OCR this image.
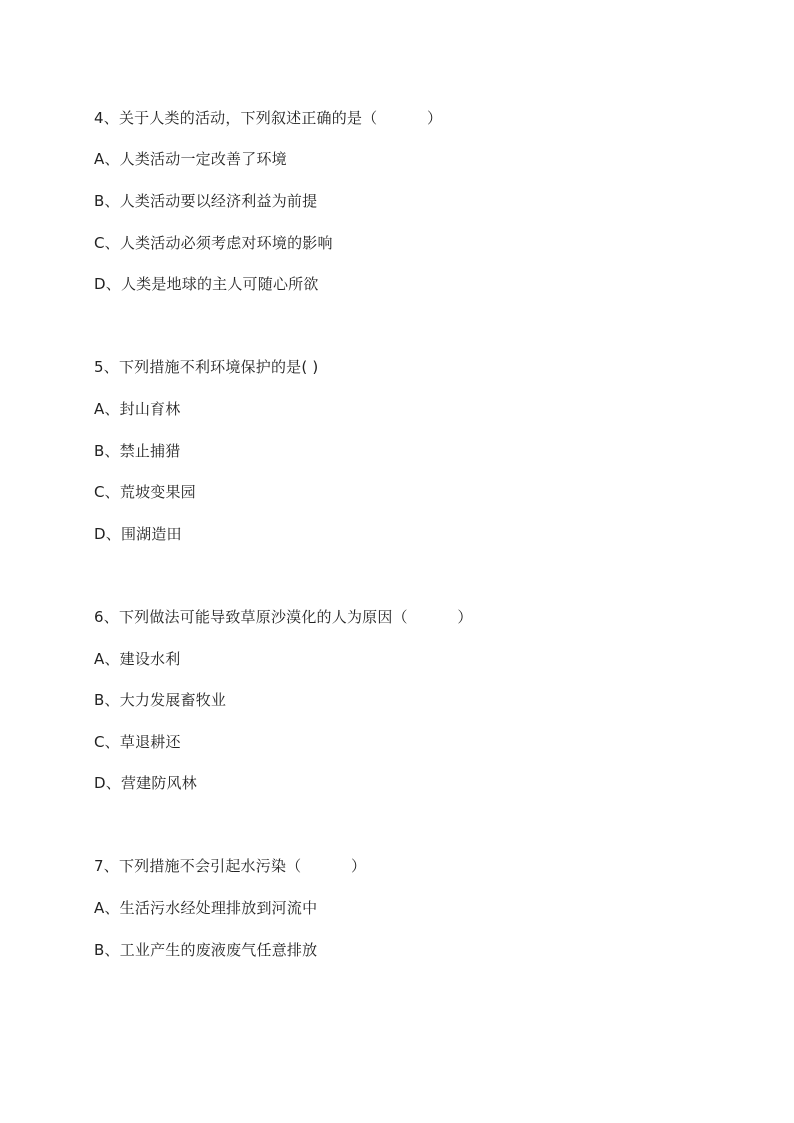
4、关于人类的活动，下列叙述正确的是（          ）
A、人类活动一定改善了环境
B、人类活动要以经济利益为前提
C、人类活动必须考虑对环境的影响
D、人类是地球的主人可随心所欲
5、下列措施不利环境保护的是( )
A、封山育林
B、禁止捕猎
C、荒坡变果园
D、围湖造田
6、下列做法可能导致草原沙漠化的人为原因（          ）
A、建设水利
B、大力发展畜牧业
C、草退耕还
D、营建防风林
7、下列措施不会引起水污染（          ）
A、生活污水经处理排放到河流中
B、工业产生的废液废气任意排放
